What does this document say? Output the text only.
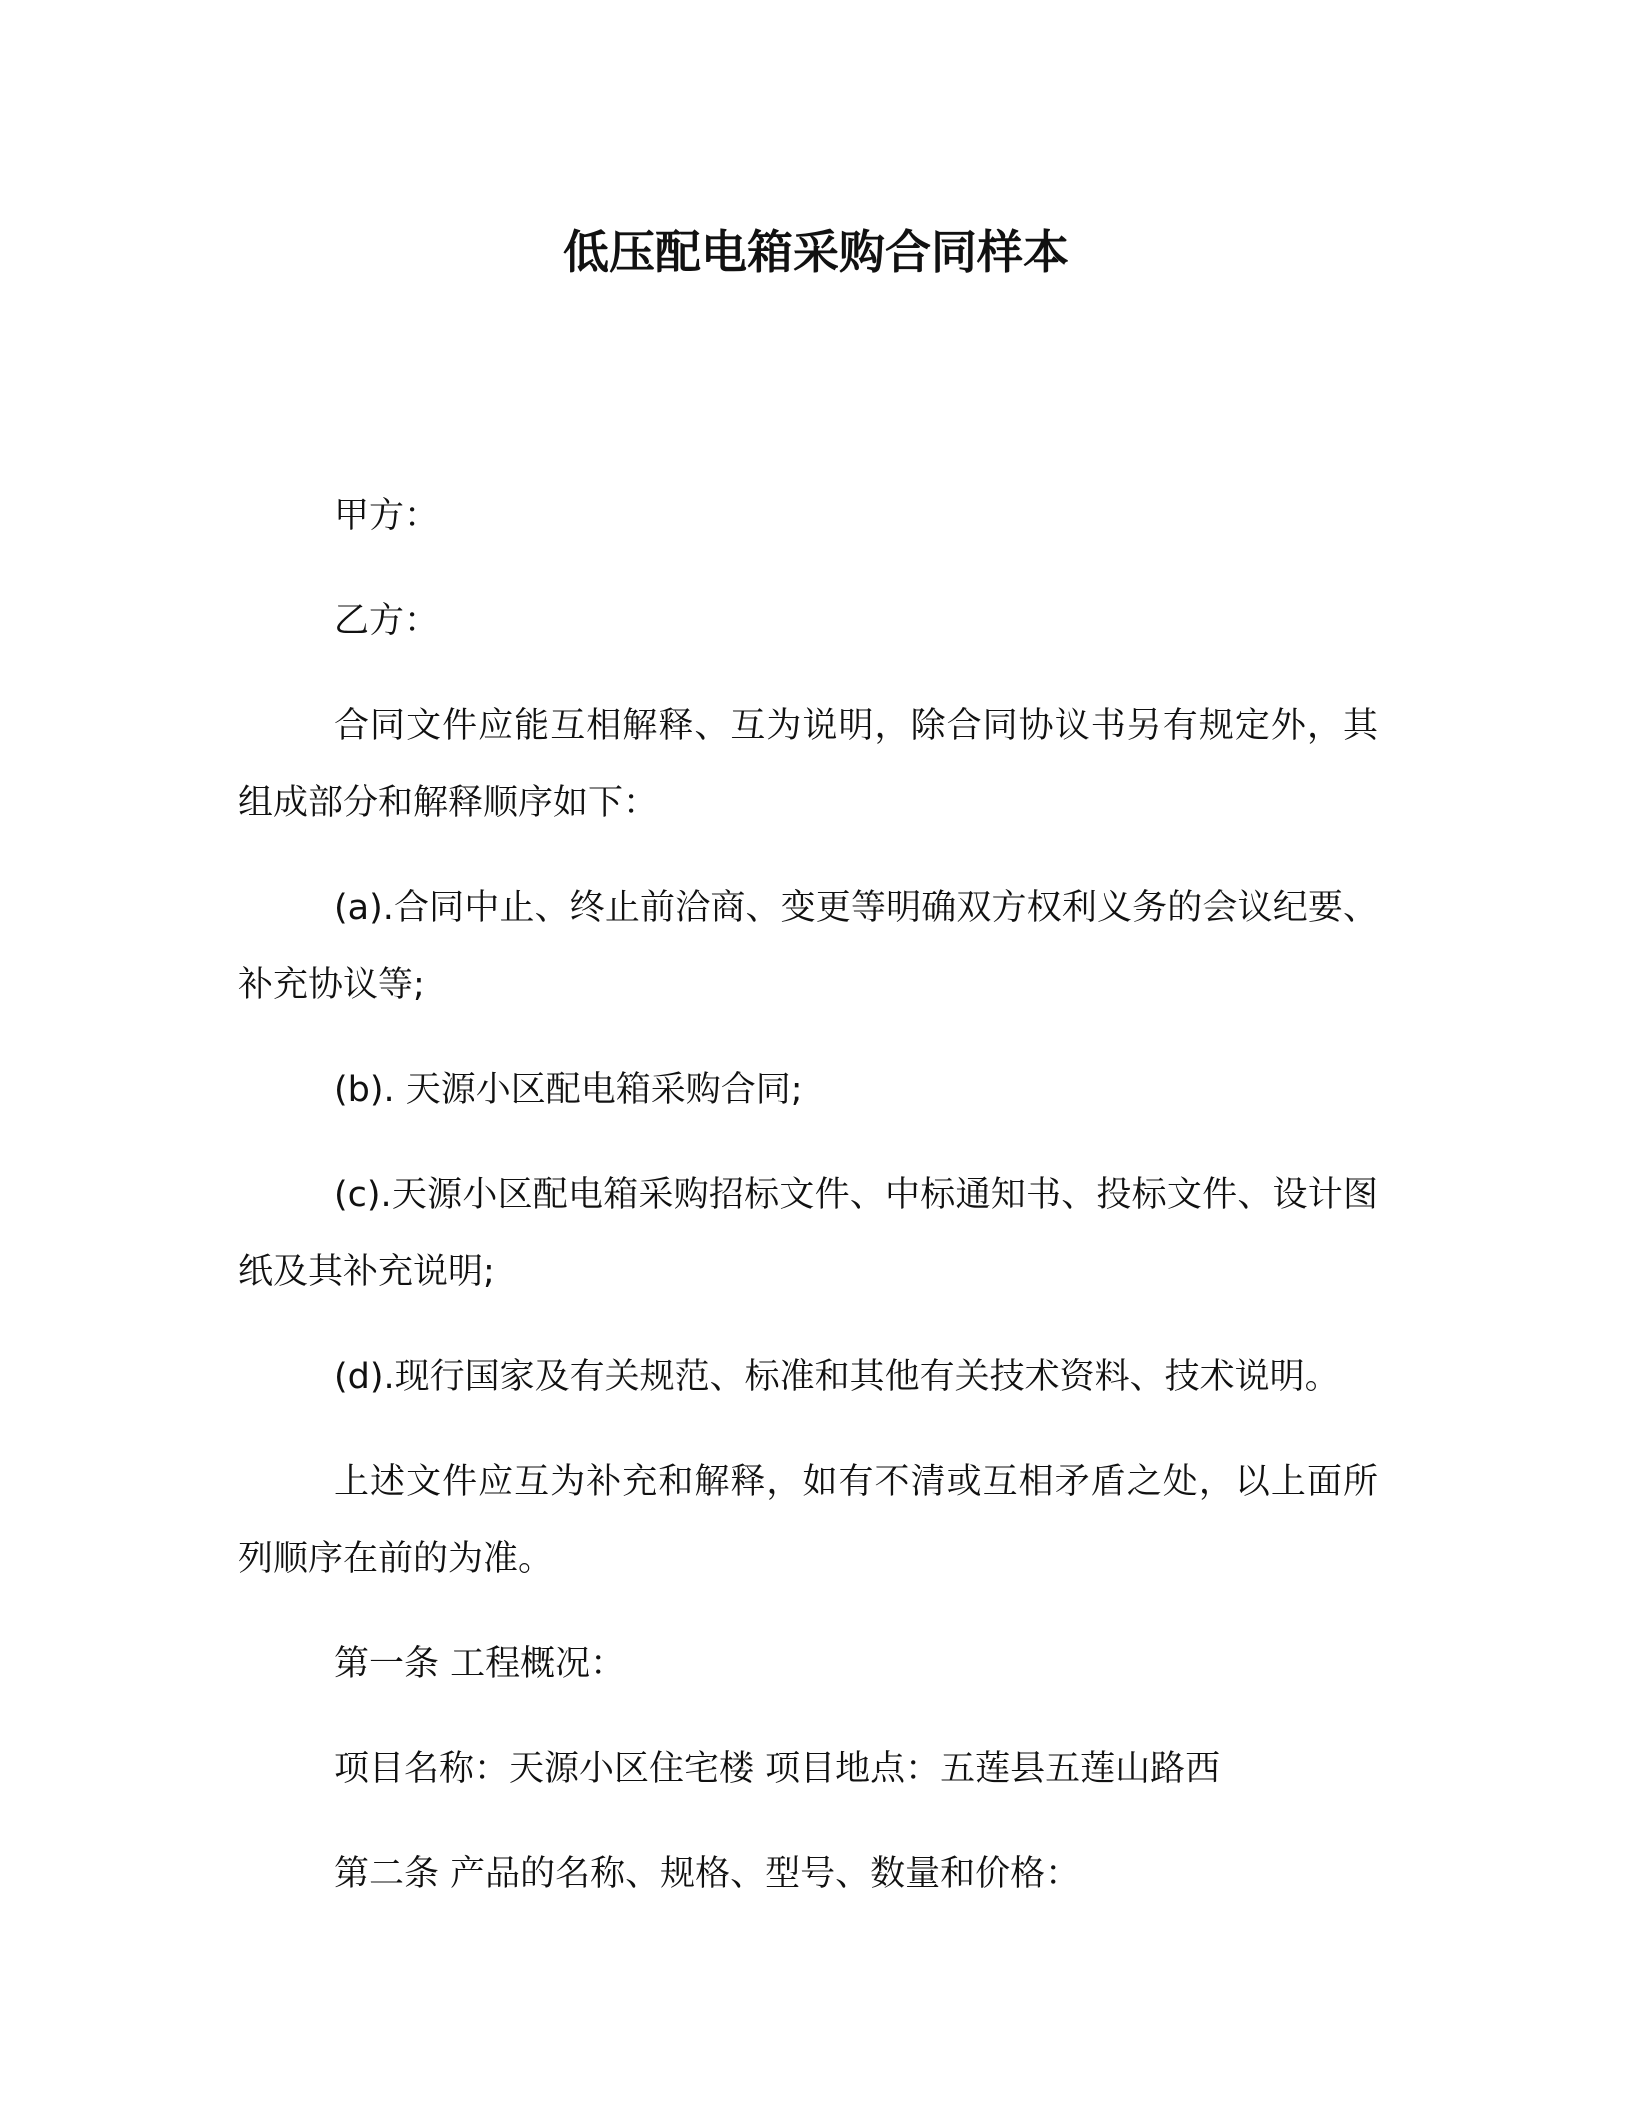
低压配电箱采购合同样本

甲方：

乙方：

合同文件应能互相解释、互为说明，除合同协议书另有规定外，其组成部分和解释顺序如下：

(a).合同中止、终止前洽商、变更等明确双方权利义务的会议纪要、补充协议等;

(b). 天源小区配电箱采购合同;

(c).天源小区配电箱采购招标文件、中标通知书、投标文件、设计图纸及其补充说明;

(d).现行国家及有关规范、标准和其他有关技术资料、技术说明。

上述文件应互为补充和解释，如有不清或互相矛盾之处，以上面所列顺序在前的为准。

第一条 工程概况：

项目名称：天源小区住宅楼 项目地点：五莲县五莲山路西

第二条 产品的名称、规格、型号、数量和价格：
